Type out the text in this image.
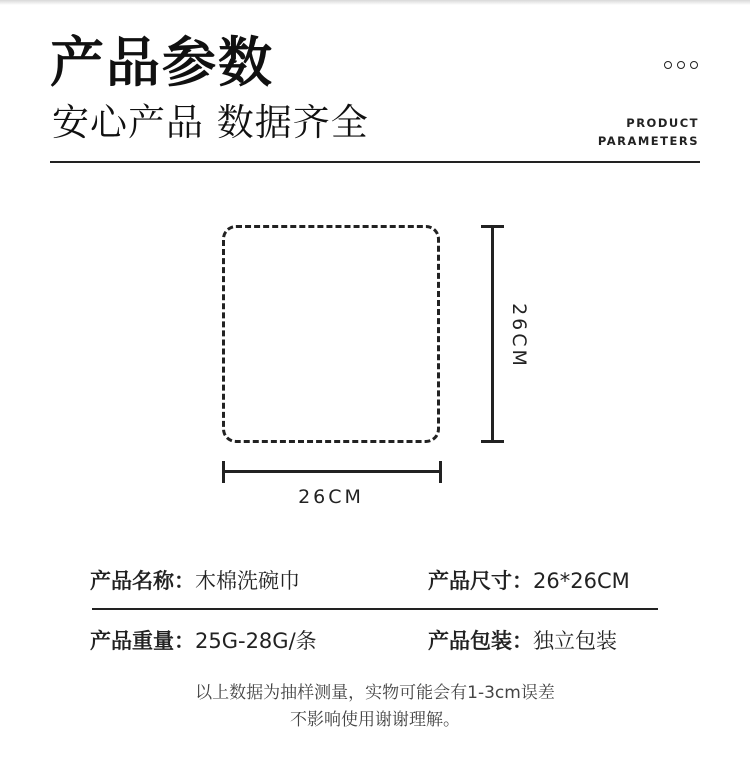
产品参数
安心产品 数据齐全	PRODUCT
PARAMETERS
26CM
26CM
产品名称：木棉洗碗巾	产品尺寸：26*26CM
产品重量：25G-28G/条	产品包装：独立包装
以上数据为抽样测量，实物可能会有1-3cm误差
不影响使用谢谢理解。
